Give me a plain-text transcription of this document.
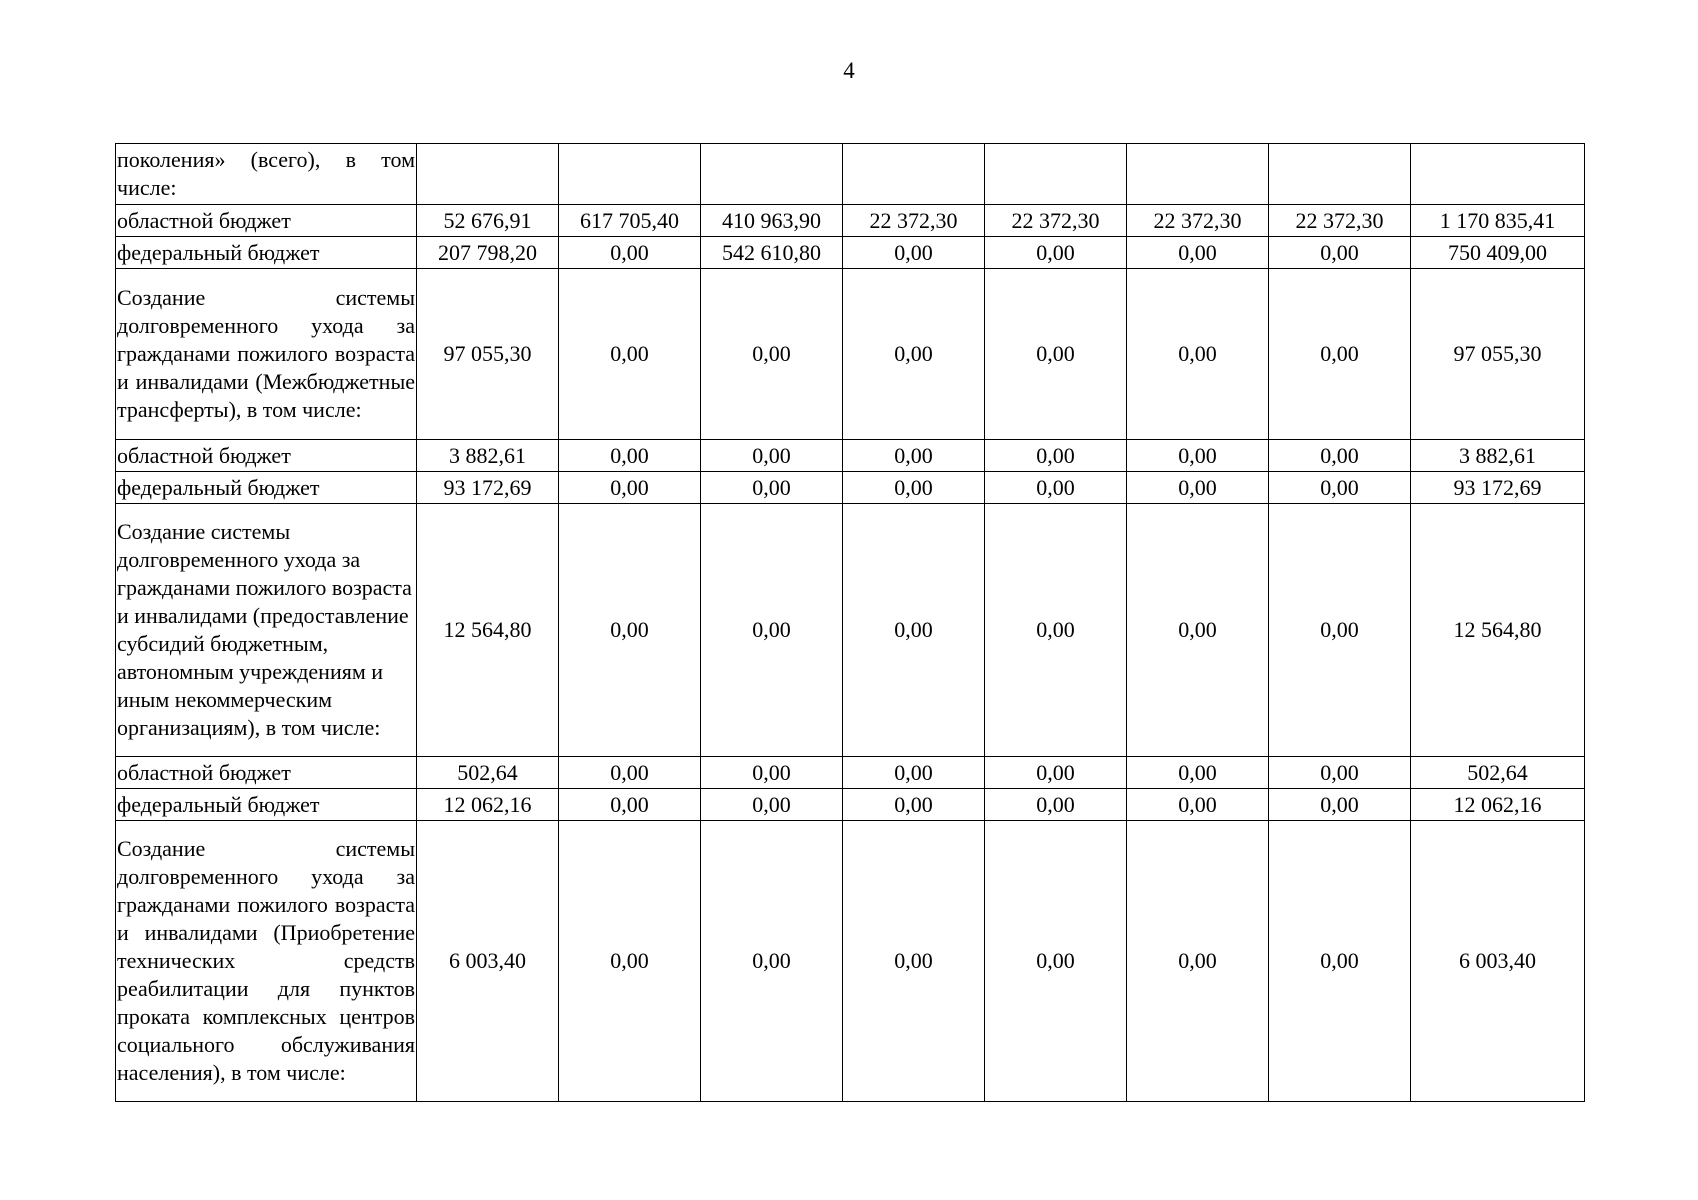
4
поколения» (всего), в том числе:								
областной бюджет	52 676,91	617 705,40	410 963,90	22 372,30	22 372,30	22 372,30	22 372,30	1 170 835,41
федеральный бюджет	207 798,20	0,00	542 610,80	0,00	0,00	0,00	0,00	750 409,00
Создание системы долговременного ухода за гражданами пожилого возраста и инвалидами (Межбюджетные трансферты), в том числе:	97 055,30	0,00	0,00	0,00	0,00	0,00	0,00	97 055,30
областной бюджет	3 882,61	0,00	0,00	0,00	0,00	0,00	0,00	3 882,61
федеральный бюджет	93 172,69	0,00	0,00	0,00	0,00	0,00	0,00	93 172,69
Создание системы долговременного ухода за гражданами пожилого возраста и инвалидами (предоставление субсидий бюджетным, автономным учреждениям и иным некоммерческим организациям), в том числе:	12 564,80	0,00	0,00	0,00	0,00	0,00	0,00	12 564,80
областной бюджет	502,64	0,00	0,00	0,00	0,00	0,00	0,00	502,64
федеральный бюджет	12 062,16	0,00	0,00	0,00	0,00	0,00	0,00	12 062,16
Создание системы долговременного ухода за гражданами пожилого возраста и инвалидами (Приобретение технических средств реабилитации для пунктов проката комплексных центров социального обслуживания населения), в том числе:	6 003,40	0,00	0,00	0,00	0,00	0,00	0,00	6 003,40
